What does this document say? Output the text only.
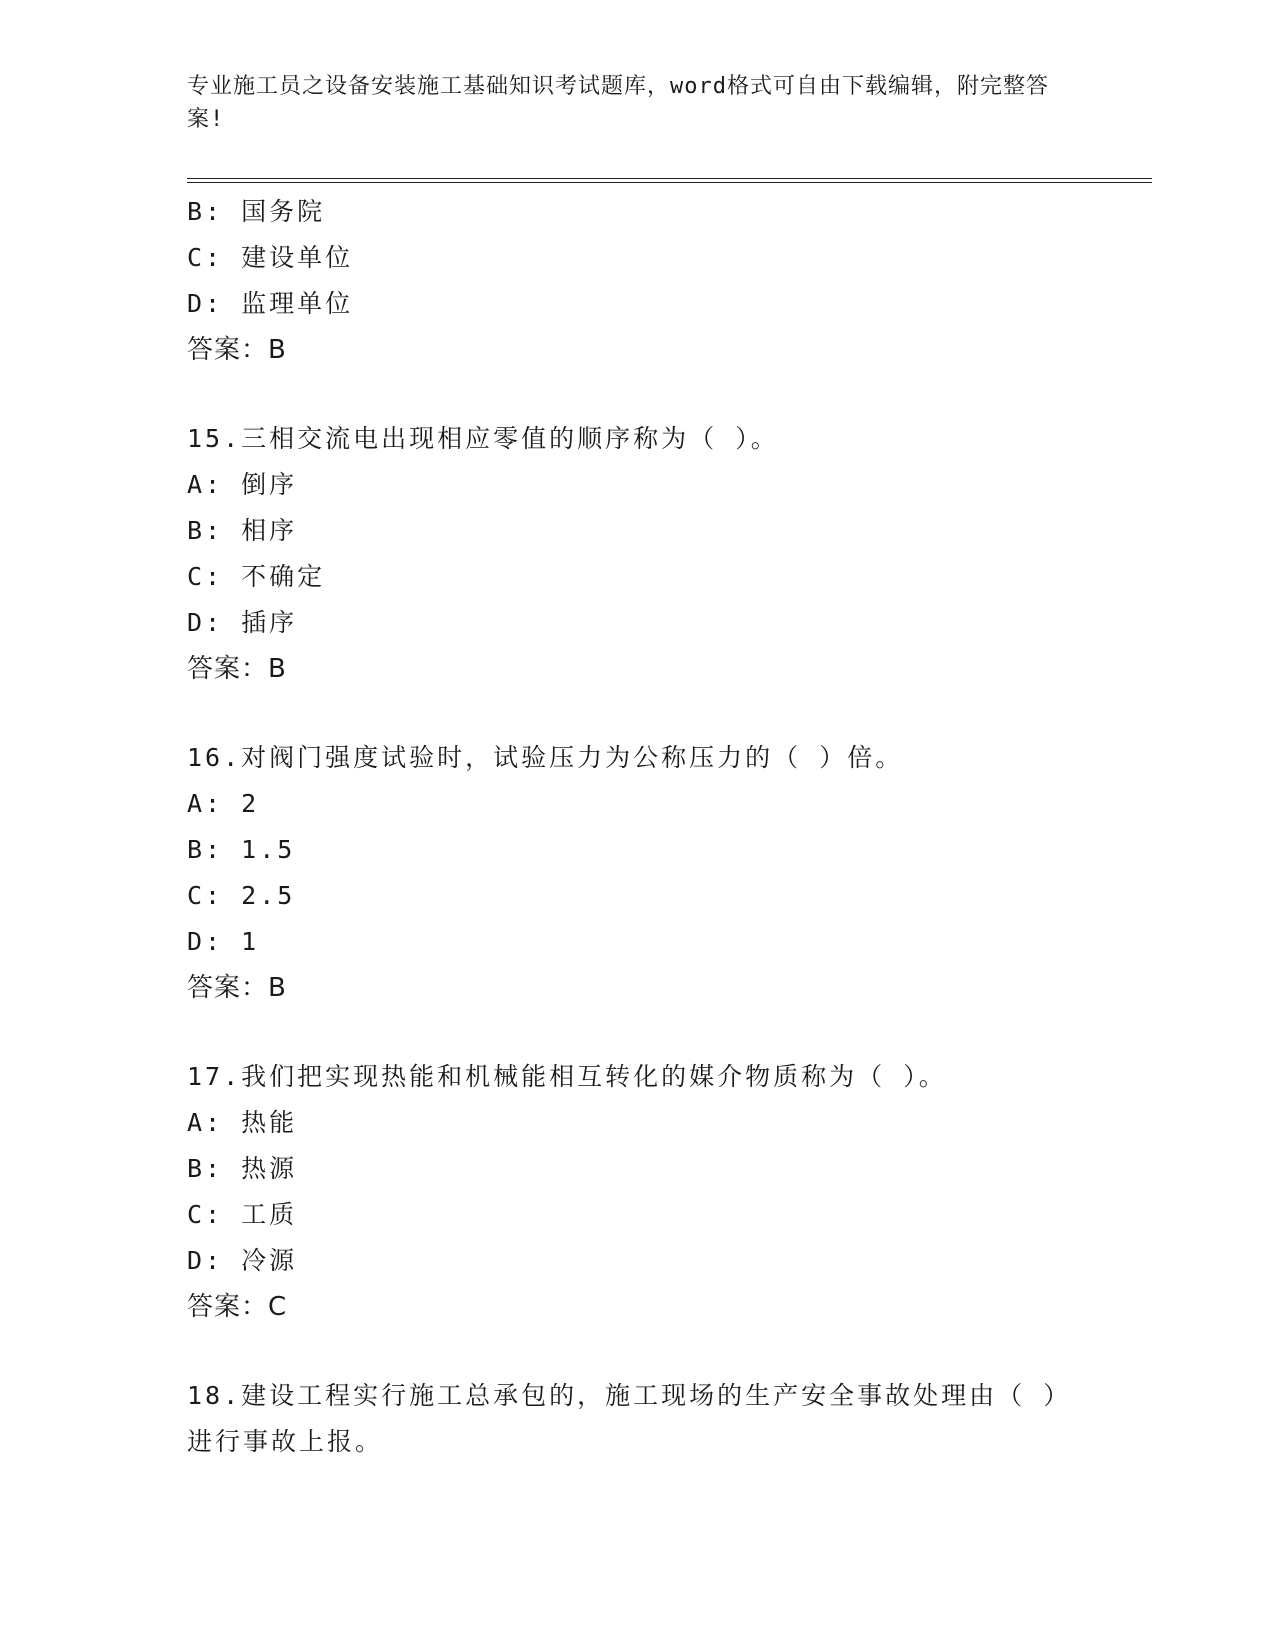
专业施工员之设备安装施工基础知识考试题库，word格式可自由下载编辑，附完整答案!
B: 国务院
C: 建设单位
D: 监理单位
答案：B
15.三相交流电出现相应零值的顺序称为（ ）。
A: 倒序
B: 相序
C: 不确定
D: 插序
答案：B
16.对阀门强度试验时，试验压力为公称压力的（ ）倍。
A: 2
B: 1.5
C: 2.5
D: 1
答案：B
17.我们把实现热能和机械能相互转化的媒介物质称为（ ）。
A: 热能
B: 热源
C: 工质
D: 冷源
答案：C
18.建设工程实行施工总承包的，施工现场的生产安全事故处理由（ ）进行事故上报。
